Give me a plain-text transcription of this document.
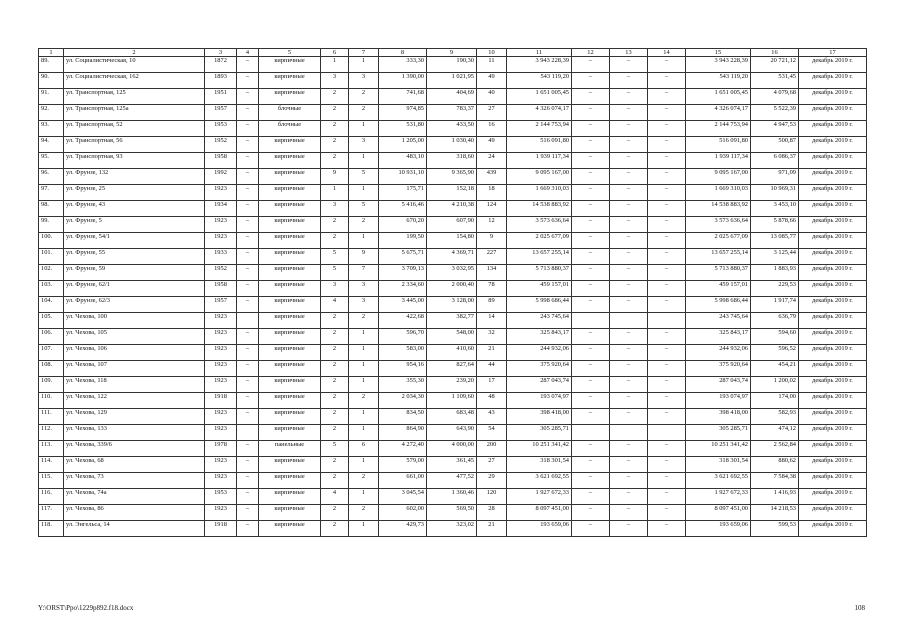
1	2	3	4	5	6	7	8	9	10	11	12	13	14	15	16	17
89.	ул. Социалистическая, 10	1872	–	кирпичные	1	1	333,30	190,30	11	3 943 228,39	–	–	–	3 943 228,39	20 721,12	декабрь 2019 г.
90.	ул. Социалистическая, 162	1893	–	кирпичные	3	3	1 390,00	1 021,95	49	543 119,20	–	–	–	543 119,20	531,45	декабрь 2019 г.
91.	ул. Транспортная, 125	1951	–	кирпичные	2	2	741,68	404,69	40	1 651 005,45	–	–	–	1 651 005,45	4 079,68	декабрь 2019 г.
92.	ул. Транспортная, 125а	1957	–	блочные	2	2	974,85	783,37	27	4 326 074,17	–	–	–	4 326 074,17	5 522,39	декабрь 2019 г.
93.	ул. Транспортная, 52	1953	–	блочные	2	1	531,80	433,50	16	2 144 753,94	–	–	–	2 144 753,94	4 947,53	декабрь 2019 г.
94.	ул. Транспортная, 56	1952	–	кирпичные	2	3	1 205,00	1 030,40	49	516 091,80	–	–	–	516 091,80	500,87	декабрь 2019 г.
95.	ул. Транспортная, 93	1958	–	кирпичные	2	1	483,10	318,60	24	1 939 117,34	–	–	–	1 939 117,34	6 086,37	декабрь 2019 г.
96.	ул. Фрунзе, 132	1992	–	кирпичные	9	5	10 931,10	9 365,90	439	9 095 167,00	–	–	–	9 095 167,00	971,09	декабрь 2019 г.
97.	ул. Фрунзе, 25	1923	–	кирпичные	1	1	175,71	152,18	18	1 669 310,03	–	–	–	1 669 310,03	10 969,31	декабрь 2019 г.
98.	ул. Фрунзе, 43	1934	–	кирпичные	3	5	5 416,46	4 210,38	124	14 538 883,92	–	–	–	14 538 883,92	3 453,10	декабрь 2019 г.
99.	ул. Фрунзе, 5	1923	–	кирпичные	2	2	670,20	607,90	12	3 573 636,64	–	–	–	3 573 636,64	5 878,66	декабрь 2019 г.
100.	ул. Фрунзе, 54/1	1923	–	кирпичные	2	1	199,50	154,80	9	2 025 677,09	–	–	–	2 025 677,09	13 085,77	декабрь 2019 г.
101.	ул. Фрунзе, 55	1933	–	кирпичные	5	9	5 675,71	4 369,71	227	13 657 255,14	–	–	–	13 657 255,14	3 125,44	декабрь 2019 г.
102.	ул. Фрунзе, 59	1952	–	кирпичные	5	7	3 709,13	3 032,95	134	5 713 880,37	–	–	–	5 713 880,37	1 883,93	декабрь 2019 г.
103.	ул. Фрунзе, 62/1	1958	–	кирпичные	3	3	2 334,60	2 000,40	78	459 157,01	–	–	–	459 157,01	229,53	декабрь 2019 г.
104.	ул. Фрунзе, 62/3	1957	–	кирпичные	4	3	3 445,00	3 128,00	89	5 998 686,44	–	–	–	5 998 686,44	1 917,74	декабрь 2019 г.
105.	ул. Чехова, 100	1923		кирпичные	2	2	422,68	382,77	14	243 745,64				243 745,64	636,79	декабрь 2019 г.
106.	ул. Чехова, 105	1923	–	кирпичные	2	1	596,70	548,00	32	325 843,17	–	–	–	325 843,17	594,60	декабрь 2019 г.
107.	ул. Чехова, 106	1923	–	кирпичные	2	1	583,00	410,60	21	244 932,06	–	–	–	244 932,06	596,52	декабрь 2019 г.
108.	ул. Чехова, 107	1923	–	кирпичные	2	1	954,16	827,64	44	375 920,64	–	–	–	375 920,64	454,21	декабрь 2019 г.
109.	ул. Чехова, 118	1923	–	кирпичные	2	1	355,30	239,20	17	287 043,74	–	–	–	287 043,74	1 200,02	декабрь 2019 г.
110.	ул. Чехова, 122	1918	–	кирпичные	2	2	2 034,30	1 109,60	48	193 074,97	–	–	–	193 074,97	174,00	декабрь 2019 г.
111.	ул. Чехова, 129	1923	–	кирпичные	2	1	834,50	683,48	43	398 418,00	–	–	–	398 418,00	582,93	декабрь 2019 г.
112.	ул. Чехова, 133	1923		кирпичные	2	1	864,90	643,90	54	305 285,71				305 285,71	474,12	декабрь 2019 г.
113.	ул. Чехова, 339/6	1978	–	панельные	5	6	4 272,40	4 000,00	200	10 251 341,42	–	–	–	10 251 341,42	2 562,84	декабрь 2019 г.
114.	ул. Чехова, 68	1923	–	кирпичные	2	1	579,00	361,45	27	318 301,54	–	–	–	318 301,54	880,62	декабрь 2019 г.
115.	ул. Чехова, 73	1923	–	кирпичные	2	2	661,00	477,52	29	3 621 692,55	–	–	–	3 621 692,55	7 584,38	декабрь 2019 г.
116.	ул. Чехова, 74а	1953	–	кирпичные	4	1	3 045,54	1 360,46	120	1 927 672,33	–	–	–	1 927 672,33	1 416,93	декабрь 2019 г.
117.	ул. Чехова, 86	1923	–	кирпичные	2	2	602,00	569,50	28	8 097 451,00	–	–	–	8 097 451,00	14 218,53	декабрь 2019 г.
118.	ул. Энгельса, 14	1918	–	кирпичные	2	1	429,73	323,02	21	193 659,06	–	–	–	193 659,06	599,53	декабрь 2019 г.
Y:\ORST\Ppo\1229p892.f18.docx	108
